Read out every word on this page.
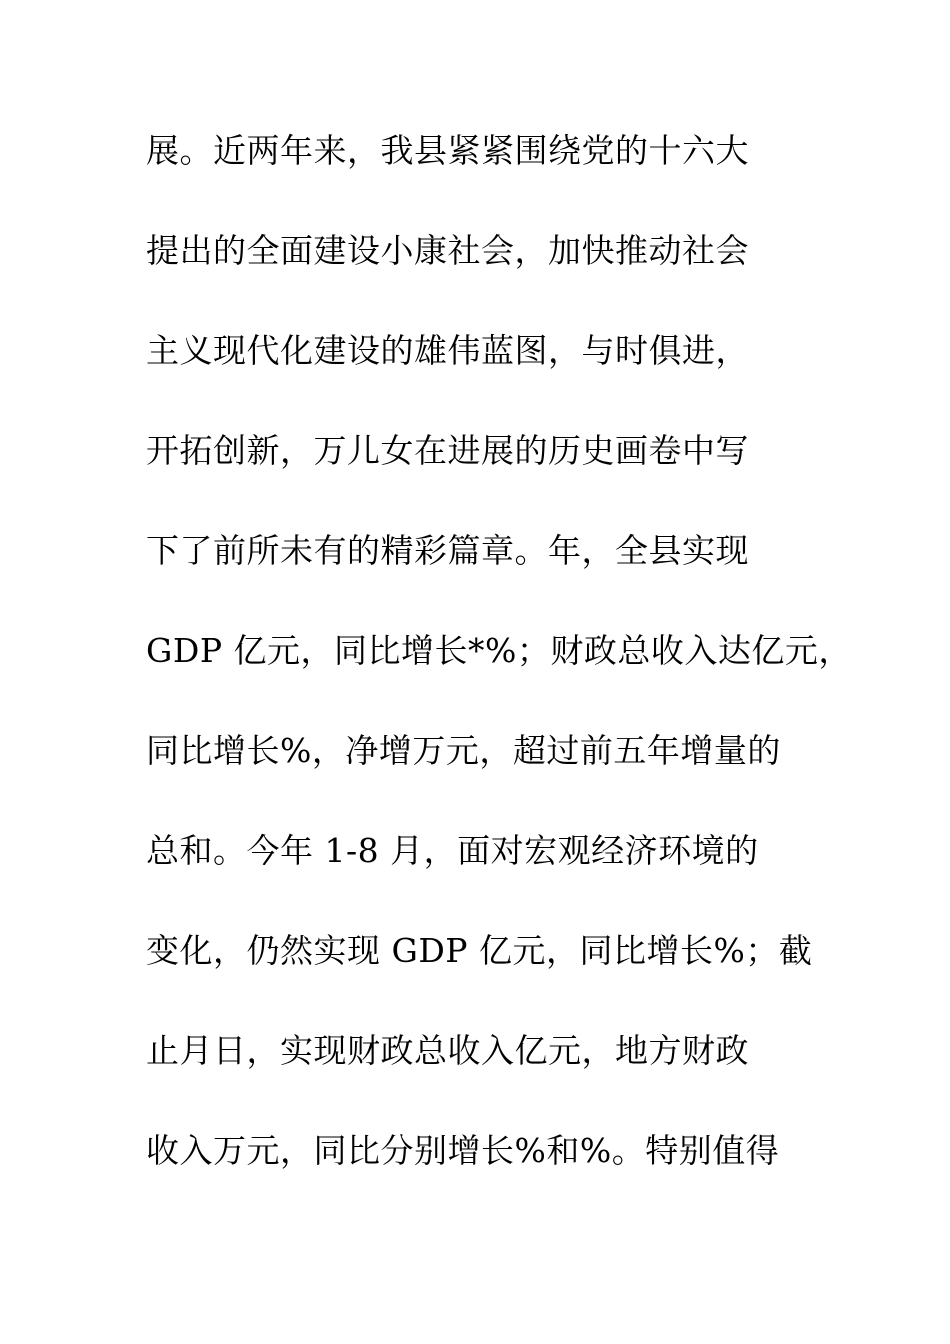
展。近两年来，我县紧紧围绕党的十六大
提出的全面建设小康社会，加快推动社会
主义现代化建设的雄伟蓝图，与时俱进，
开拓创新，万儿女在进展的历史画卷中写
下了前所未有的精彩篇章。年，全县实现
GDP 亿元，同比增长*%；财政总收入达亿元，
同比增长%，净增万元，超过前五年增量的
总和。今年 1-8 月，面对宏观经济环境的
变化，仍然实现 GDP 亿元，同比增长%；截
止月日，实现财政总收入亿元，地方财政
收入万元，同比分别增长%和%。特别值得
